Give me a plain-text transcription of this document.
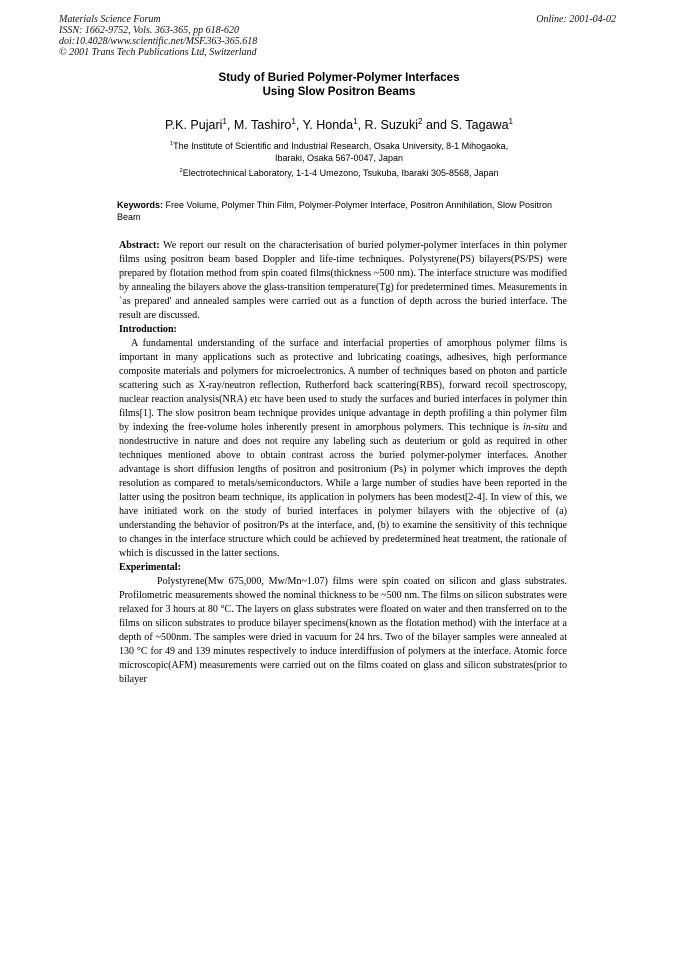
Materials Science Forum
ISSN: 1662-9752, Vols. 363-365, pp 618-620
doi:10.4028/www.scientific.net/MSF.363-365.618
© 2001 Trans Tech Publications Ltd, Switzerland
Online: 2001-04-02
Study of Buried Polymer-Polymer Interfaces
Using Slow Positron Beams
P.K. Pujari$^1$, M. Tashiro$^1$, Y. Honda$^1$, R. Suzuki$^2$ and S. Tagawa$^1$
$^1$The Institute of Scientific and Industrial Research, Osaka University, 8-1 Mihogaoka,
Ibaraki, Osaka 567-0047, Japan
$^2$Electrotechnical Laboratory, 1-1-4 Umezono, Tsukuba, Ibaraki 305-8568, Japan
Keywords: Free Volume, Polymer Thin Film, Polymer-Polymer Interface, Positron Annihilation, Slow Positron Beam

Abstract: We report our result on the characterisation of buried polymer-polymer interfaces in thin polymer films using positron beam based Doppler and life-time techniques. Polystyrene(PS) bilayers(PS/PS) were prepared by flotation method from spin coated films(thickness ~500 nm). The interface structure was modified by annealing the bilayers above the glass-transition temperature(Tg) for predetermined times. Measurements in `as prepared' and annealed samples were carried out as a function of depth across the buried interface. The result are discussed.

Introduction:

A fundamental understanding of the surface and interfacial properties of amorphous polymer films is important in many applications such as protective and lubricating coatings, adhesives, high performance composite materials and polymers for microelectronics. A number of techniques based on photon and particle scattering such as X-ray/neutron reflection, Rutherford back scattering(RBS), forward recoil spectroscopy, nuclear reaction analysis(NRA) etc have been used to study the surfaces and buried interfaces in polymer thin films[1]. The slow positron beam technique provides unique advantage in depth profiling a thin polymer film by indexing the free-volume holes inherently present in amorphous polymers. This technique is in-situ and nondestructive in nature and does not require any labeling such as deuterium or gold as required in other techniques mentioned above to obtain contrast across the buried polymer-polymer interfaces. Another advantage is short diffusion lengths of positron and positronium (Ps) in polymer which improves the depth resolution as compared to metals/semiconductors. While a large number of studies have been reported in the latter using the positron beam technique, its application in polymers has been modest[2-4]. In view of this, we have initiated work on the study of buried interfaces in polymer bilayers with the objective of (a) understanding the behavior of positron/Ps at the interface, and, (b) to examine the sensitivity of this technique to changes in the interface structure which could be achieved by predetermined heat treatment, the rationale of which is discussed in the latter sections.

Experimental:

Polystyrene(Mw 675,000, Mw/Mn~1.07) films were spin coated on silicon and glass substrates. Profilometric measurements showed the nominal thickness to be ~500 nm. The films on silicon substrates were relaxed for 3 hours at 80 °C. The layers on glass substrates were floated on water and then transferred on to the films on silicon substrates to produce bilayer specimens(known as the flotation method) with the interface at a depth of ~500nm. The samples were dried in vacuum for 24 hrs. Two of the bilayer samples were annealed at 130 °C for 49 and 139 minutes respectively to induce interdiffusion of polymers at the interface. Atomic force microscopic(AFM) measurements were carried out on the films coated on glass and silicon substrates(prior to bilayer
